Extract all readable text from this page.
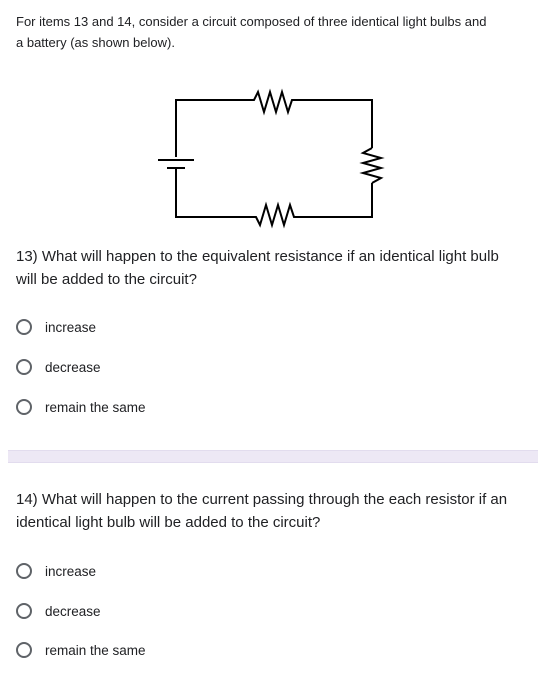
For items 13 and 14, consider a circuit composed of three identical light bulbs and
a battery (as shown below).
13) What will happen to the equivalent resistance if an identical light bulb
will be added to the circuit?
increase
decrease
remain the same
14) What will happen to the current passing through the each resistor if an
identical light bulb will be added to the circuit?
increase
decrease
remain the same
